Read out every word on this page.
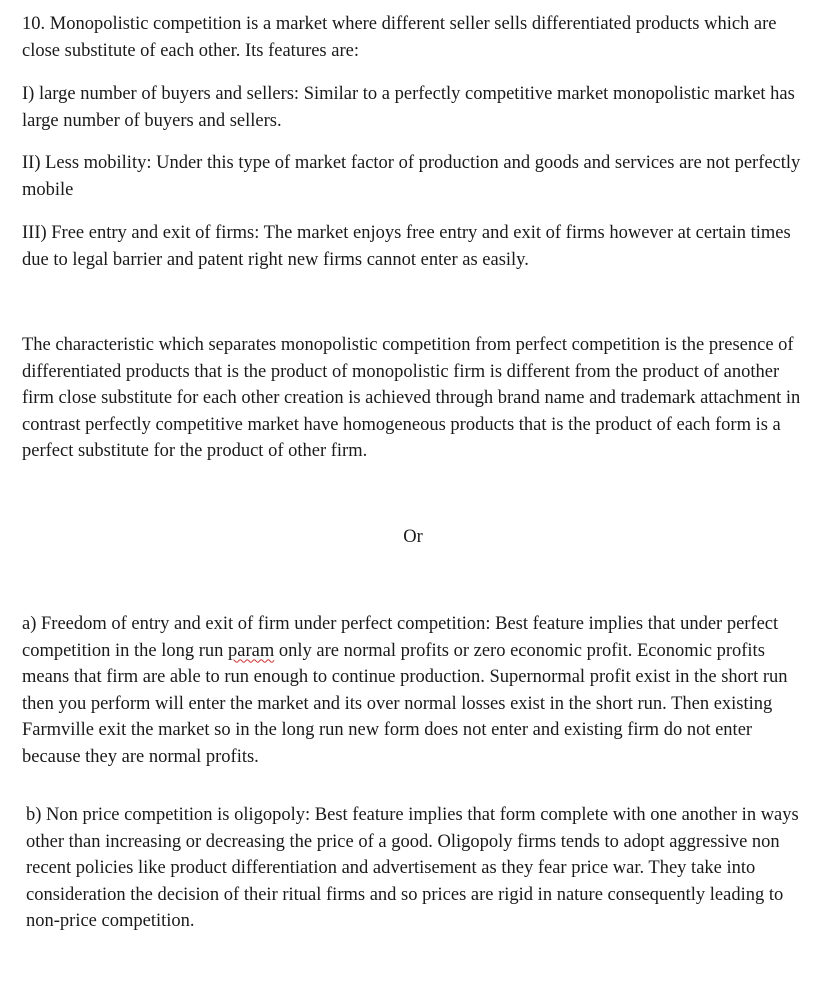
10. Monopolistic competition is a market where different seller sells differentiated products which are close substitute of each other. Its features are:

I) large number of buyers and sellers: Similar to a perfectly competitive market monopolistic market has large number of buyers and sellers.

II) Less mobility: Under this type of market factor of production and goods and services are not perfectly mobile

III) Free entry and exit of firms: The market enjoys free entry and exit of firms however at certain times due to legal barrier and patent right new firms cannot enter as easily.

The characteristic which separates monopolistic competition from perfect competition is the presence of differentiated products that is the product of monopolistic firm is different from the product of another firm close substitute for each other creation is achieved through brand name and trademark attachment in contrast perfectly competitive market have homogeneous products that is the product of each form is a perfect substitute for the product of other firm.

Or

a) Freedom of entry and exit of firm under perfect competition: Best feature implies that under perfect competition in the long run param only are normal profits or zero economic profit. Economic profits means that firm are able to run enough to continue production. Supernormal profit exist in the short run then you perform will enter the market and its over normal losses exist in the short run. Then existing Farmville exit the market so in the long run new form does not enter and existing firm do not enter because they are normal profits.

b) Non price competition is oligopoly: Best feature implies that form complete with one another in ways other than increasing or decreasing the price of a good. Oligopoly firms tends to adopt aggressive non recent policies like product differentiation and advertisement as they fear price war. They take into consideration the decision of their ritual firms and so prices are rigid in nature consequently leading to non-price competition.
